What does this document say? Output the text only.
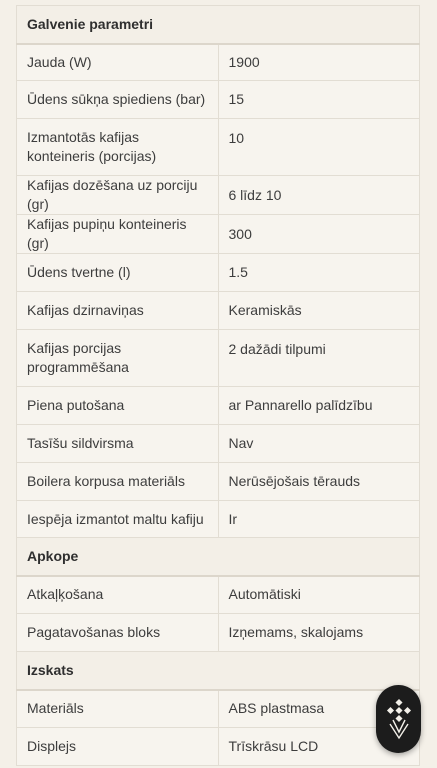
Galvenie parametri	
Jauda (W)	1900
Ūdens sūkņa spiediens (bar)	15
Izmantotās kafijas konteineris (porcijas)	10
Kafijas dozēšana uz porciju (gr)	6 līdz 10
Kafijas pupiņu konteineris (gr)	300
Ūdens tvertne (l)	1.5
Kafijas dzirnaviņas	Keramiskās
Kafijas porcijas programmēšana	2 dažādi tilpumi
Piena putošana	ar Pannarello palīdzību
Tasīšu sildvirsma	Nav
Boilera korpusa materiāls	Nerūsējošais tērauds
Iespēja izmantot maltu kafiju	Ir
Apkope	
Atkaļķošana	Automātiski
Pagatavošanas bloks	Izņemams, skalojams
Izskats	
Materiāls	ABS plastmasa
Displejs	Trīskrāsu LCD
